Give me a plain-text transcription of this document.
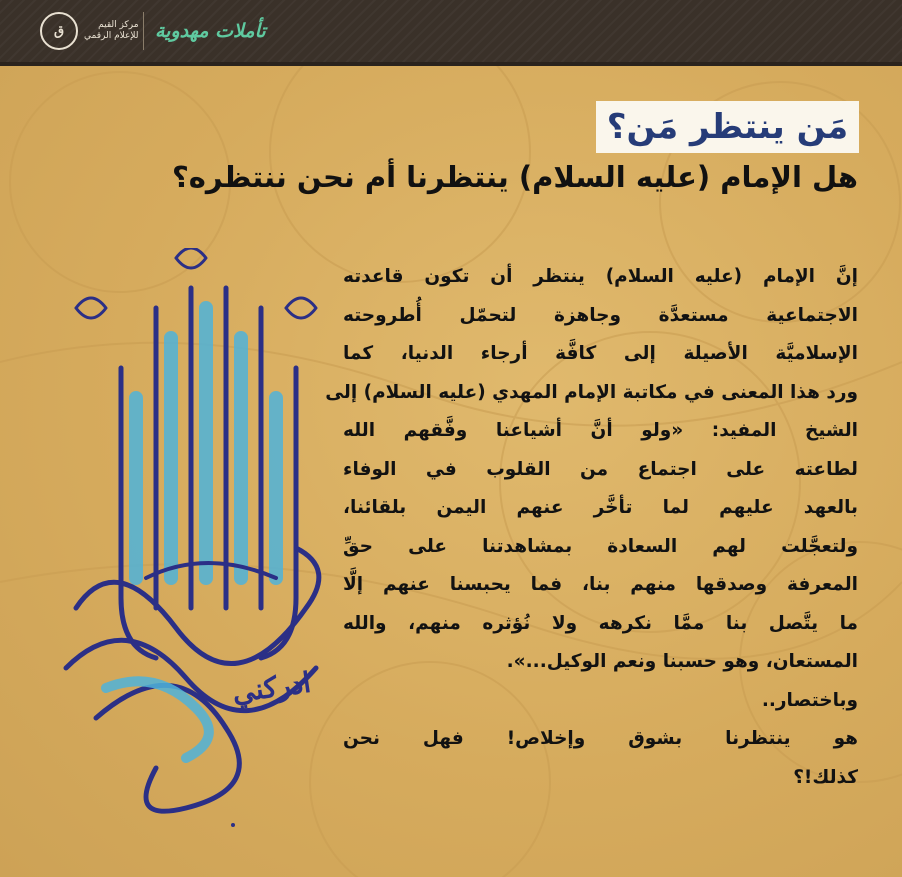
ق	مركز القيم
للإعلام الرقمي تأملات مهدوية
مَن ينتظر مَن؟
هل الإمام (عليه السلام) ينتظرنا أم نحن ننتظره؟
ادركني
إنَّ الإمام (عليه السلام) ينتظر أن تكون قاعدته
الاجتماعية مستعدَّة وجاهزة لتحمّل أُطروحته
الإسلاميَّة الأصيلة إلى كافَّة أرجاء الدنيا، كما
ورد هذا المعنى في مكاتبة الإمام المهدي (عليه السلام) إلى
الشيخ المفيد: «ولو أنَّ أشياعنا وفَّقهم الله
لطاعته على اجتماع من القلوب في الوفاء
بالعهد عليهم لما تأخَّر عنهم اليمن بلقائنا،
ولتعجَّلت لهم السعادة بمشاهدتنا على حقِّ
المعرفة وصدقها منهم بنا، فما يحبسنا عنهم إلَّا
ما يتَّصل بنا ممَّا نكرهه ولا نُؤثره منهم، والله
المستعان، وهو حسبنا ونعم الوكيل...».
وباختصار..
هو ينتظرنا بشوق وإخلاص! فهل نحن
كذلك!؟
